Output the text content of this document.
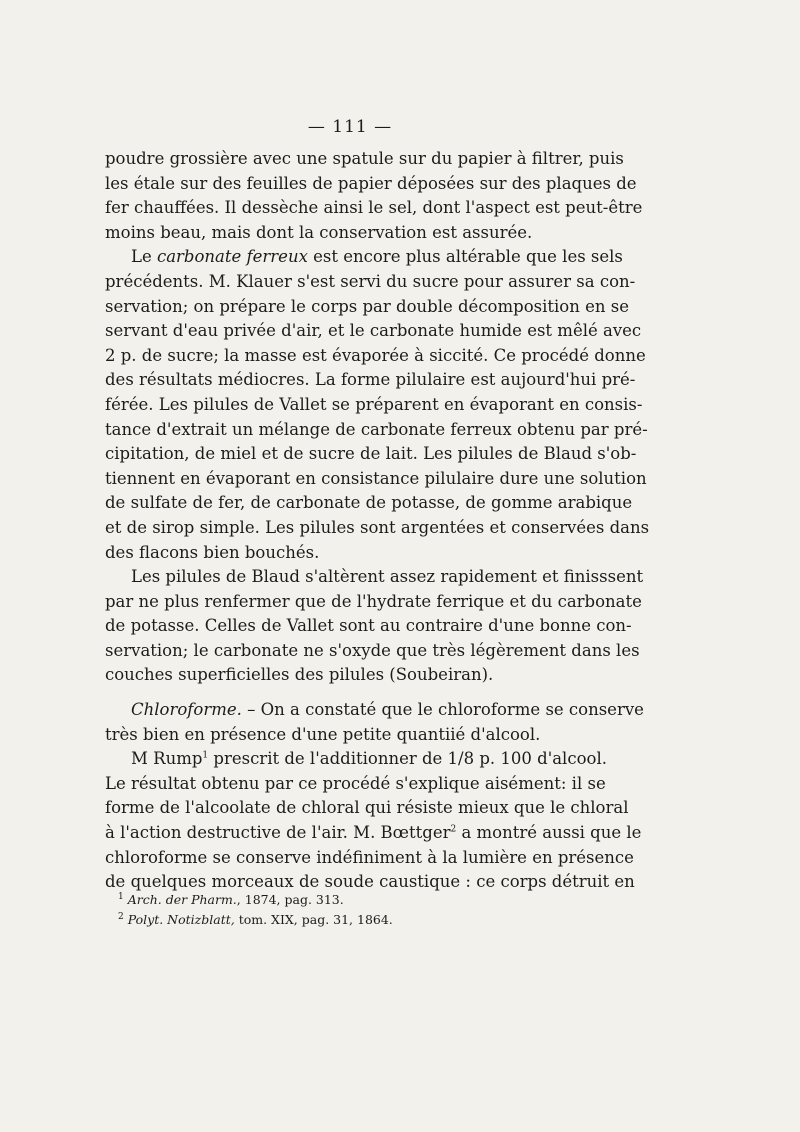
— 111 —

poudre grossière avec une spatule sur du papier à filtrer, puis
les étale sur des feuilles de papier déposées sur des plaques de
fer chauffées. Il dessèche ainsi le sel, dont l'aspect est peut-être
moins beau, mais dont la conservation est assurée.

Le carbonate ferreux est encore plus altérable que les sels
précédents. M. Klauer s'est servi du sucre pour assurer sa con-
servation; on prépare le corps par double décomposition en se
servant d'eau privée d'air, et le carbonate humide est mêlé avec
2 p. de sucre; la masse est évaporée à siccité. Ce procédé donne
des résultats médiocres. La forme pilulaire est aujourd'hui pré-
férée. Les pilules de Vallet se préparent en évaporant en consis-
tance d'extrait un mélange de carbonate ferreux obtenu par pré-
cipitation, de miel et de sucre de lait. Les pilules de Blaud s'ob-
tiennent en évaporant en consistance pilulaire dure une solution
de sulfate de fer, de carbonate de potasse, de gomme arabique
et de sirop simple. Les pilules sont argentées et conservées dans
des flacons bien bouchés.

Les pilules de Blaud s'altèrent assez rapidement et finisssent
par ne plus renfermer que de l'hydrate ferrique et du carbonate
de potasse. Celles de Vallet sont au contraire d'une bonne con-
servation; le carbonate ne s'oxyde que très légèrement dans les
couches superficielles des pilules (Soubeiran).

Chloroforme. – On a constaté que le chloroforme se conserve
très bien en présence d'une petite quantiié d'alcool.

M Rump$^1$ prescrit de l'additionner de 1/8 p. 100 d'alcool.
Le résultat obtenu par ce procédé s'explique aisément: il se
forme de l'alcoolate de chloral qui résiste mieux que le chloral
à l'action destructive de l'air. M. Bœttger$^2$ a montré aussi que le
chloroforme se conserve indéfiniment à la lumière en présence
de quelques morceaux de soude caustique : ce corps détruit en

$^1$ Arch. der Pharm., 1874, pag. 313.
$^2$ Polyt. Notizblatt, tom. XIX, pag. 31, 1864.
